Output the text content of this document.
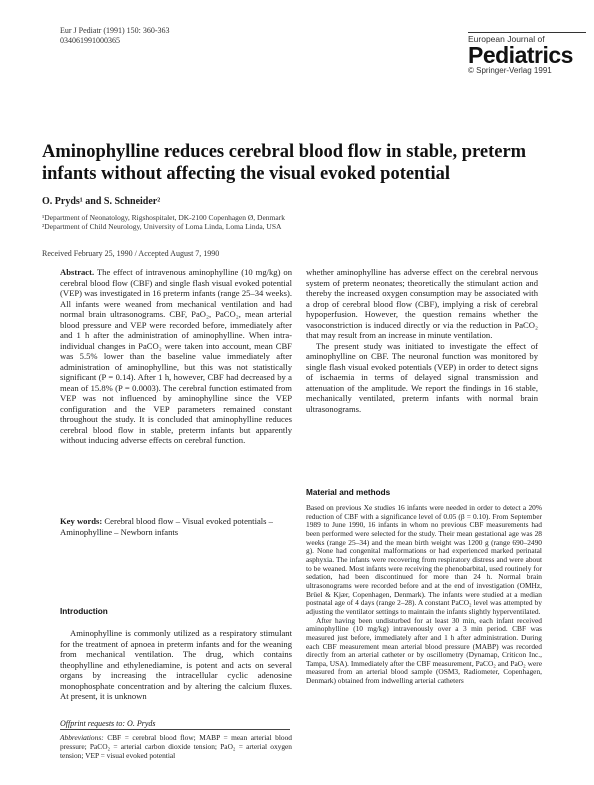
Eur J Pediatr (1991) 150: 360-363
034061991000365	European Journal of
Pediatrics
© Springer-Verlag 1991
Aminophylline reduces cerebral blood flow in stable, preterm infants without affecting the visual evoked potential
O. Pryds¹ and S. Schneider²
¹Department of Neonatology, Rigshospitalet, DK-2100 Copenhagen Ø, Denmark
²Department of Child Neurology, University of Loma Linda, Loma Linda, USA
Received February 25, 1990 / Accepted August 7, 1990

Abstract. The effect of intravenous aminophylline (10 mg/kg) on cerebral blood flow (CBF) and single flash visual evoked potential (VEP) was investigated in 16 preterm infants (range 25–34 weeks). All infants were weaned from mechanical ventilation and had normal brain ultrasonograms. CBF, PaO₂, PaCO₂, mean arterial blood pressure and VEP were recorded before, immediately after and 1 h after the administration of aminophylline. When intra-individual changes in PaCO₂ were taken into account, mean CBF was 5.5% lower than the baseline value immediately after administration of aminophylline, but this was not statistically significant (P = 0.14). After 1 h, however, CBF had decreased by a mean of 15.8% (P = 0.0003). The cerebral function estimated from VEP was not influenced by aminophylline since the VEP configuration and the VEP parameters remained constant throughout the study. It is concluded that aminophylline reduces cerebral blood flow in stable, preterm infants but apparently without inducing adverse effects on cerebral function.

Key words: Cerebral blood flow – Visual evoked potentials – Aminophylline – Newborn infants
Introduction

Aminophylline is commonly utilized as a respiratory stimulant for the treatment of apnoea in preterm infants and for the weaning from mechanical ventilation. The drug, which contains theophylline and ethylenediamine, is potent and acts on several organs by increasing the intracellular cyclic adenosine monophosphate concentration and by altering the calcium fluxes. At present, it is unknown

Offprint requests to: O. Pryds
Abbreviations: CBF = cerebral blood flow; MABP = mean arterial blood pressure; PaCO₂ = arterial carbon dioxide tension; PaO₂ = arterial oxygen tension; VEP = visual evoked potential

whether aminophylline has adverse effect on the cerebral nervous system of preterm neonates; theoretically the stimulant action and thereby the increased oxygen consumption may be associated with a drop of cerebral blood flow (CBF), implying a risk of cerebral hypoperfusion. However, the question remains whether the vasoconstriction is induced directly or via the reduction in PaCO₂ that may result from an increase in minute ventilation.

The present study was initiated to investigate the effect of aminophylline on CBF. The neuronal function was monitored by single flash visual evoked potentials (VEP) in order to detect signs of ischaemia in terms of delayed signal transmission and attenuation of the amplitude. We report the findings in 16 stable, mechanically ventilated, preterm infants with normal brain ultrasonograms.

Material and methods

Based on previous Xe studies 16 infants were needed in order to detect a 20% reduction of CBF with a significance level of 0.05 (β = 0.10). From September 1989 to June 1990, 16 infants in whom no previous CBF measurements had been performed were selected for the study. Their mean gestational age was 28 weeks (range 25–34) and the mean birth weight was 1200 g (range 690–2490 g). None had congenital malformations or had experienced marked perinatal asphyxia. The infants were recovering from respiratory distress and were about to be weaned. Most infants were receiving the phenobarbital, used routinely for sedation, had been discontinued for more than 24 h. Normal brain ultrasonograms were recorded before and at the end of investigation (OMHz, Brüel & Kjær, Copenhagen, Denmark). The infants were studied at a median postnatal age of 4 days (range 2–28). A constant PaCO₂ level was attempted by adjusting the ventilator settings to maintain the infants slightly hyperventilated.

After having been undisturbed for at least 30 min, each infant received aminophylline (10 mg/kg) intravenously over a 3 min period. CBF was measured just before, immediately after and 1 h after administration. During each CBF measurement mean arterial blood pressure (MABP) was recorded directly from an arterial catheter or by oscillometry (Dynamap, Criticon Inc., Tampa, USA). Immediately after the CBF measurement, PaCO₂ and PaO₂ were measured from an arterial blood sample (OSM3, Radiometer, Copenhagen, Denmark) obtained from indwelling arterial catheters
